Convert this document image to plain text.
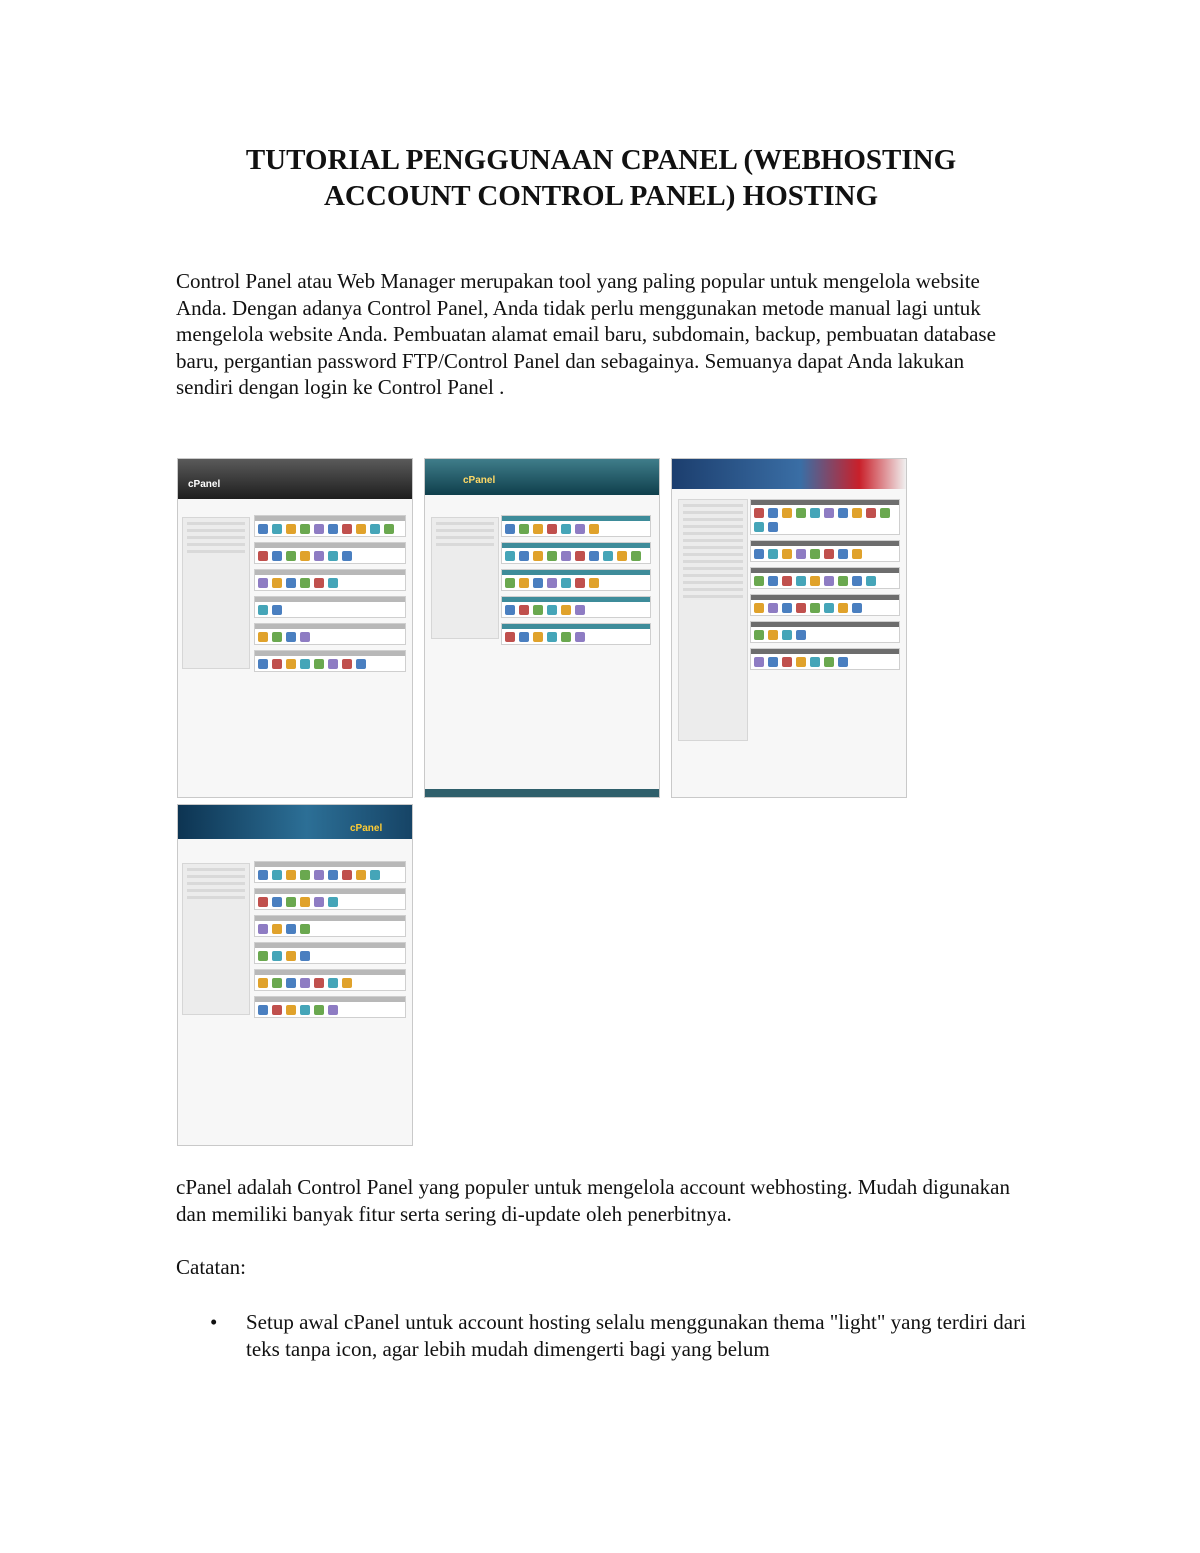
TUTORIAL PENGGUNAAN CPANEL (WEBHOSTING
ACCOUNT CONTROL PANEL) HOSTING

Control Panel atau Web Manager merupakan tool yang paling popular untuk mengelola website Anda. Dengan adanya Control Panel, Anda tidak perlu menggunakan metode manual lagi untuk mengelola website Anda. Pembuatan alamat email baru, subdomain, backup, pembuatan database baru, pergantian password FTP/Control Panel dan sebagainya. Semuanya dapat Anda lakukan sendiri dengan login ke Control Panel .

cPanel	cPanel
cPanel

cPanel adalah Control Panel yang populer untuk mengelola account webhosting. Mudah digunakan dan memiliki banyak fitur serta sering di-update oleh penerbitnya.

Catatan:

• Setup awal cPanel untuk account hosting selalu menggunakan thema "light" yang terdiri dari teks tanpa icon, agar lebih mudah dimengerti bagi yang belum
